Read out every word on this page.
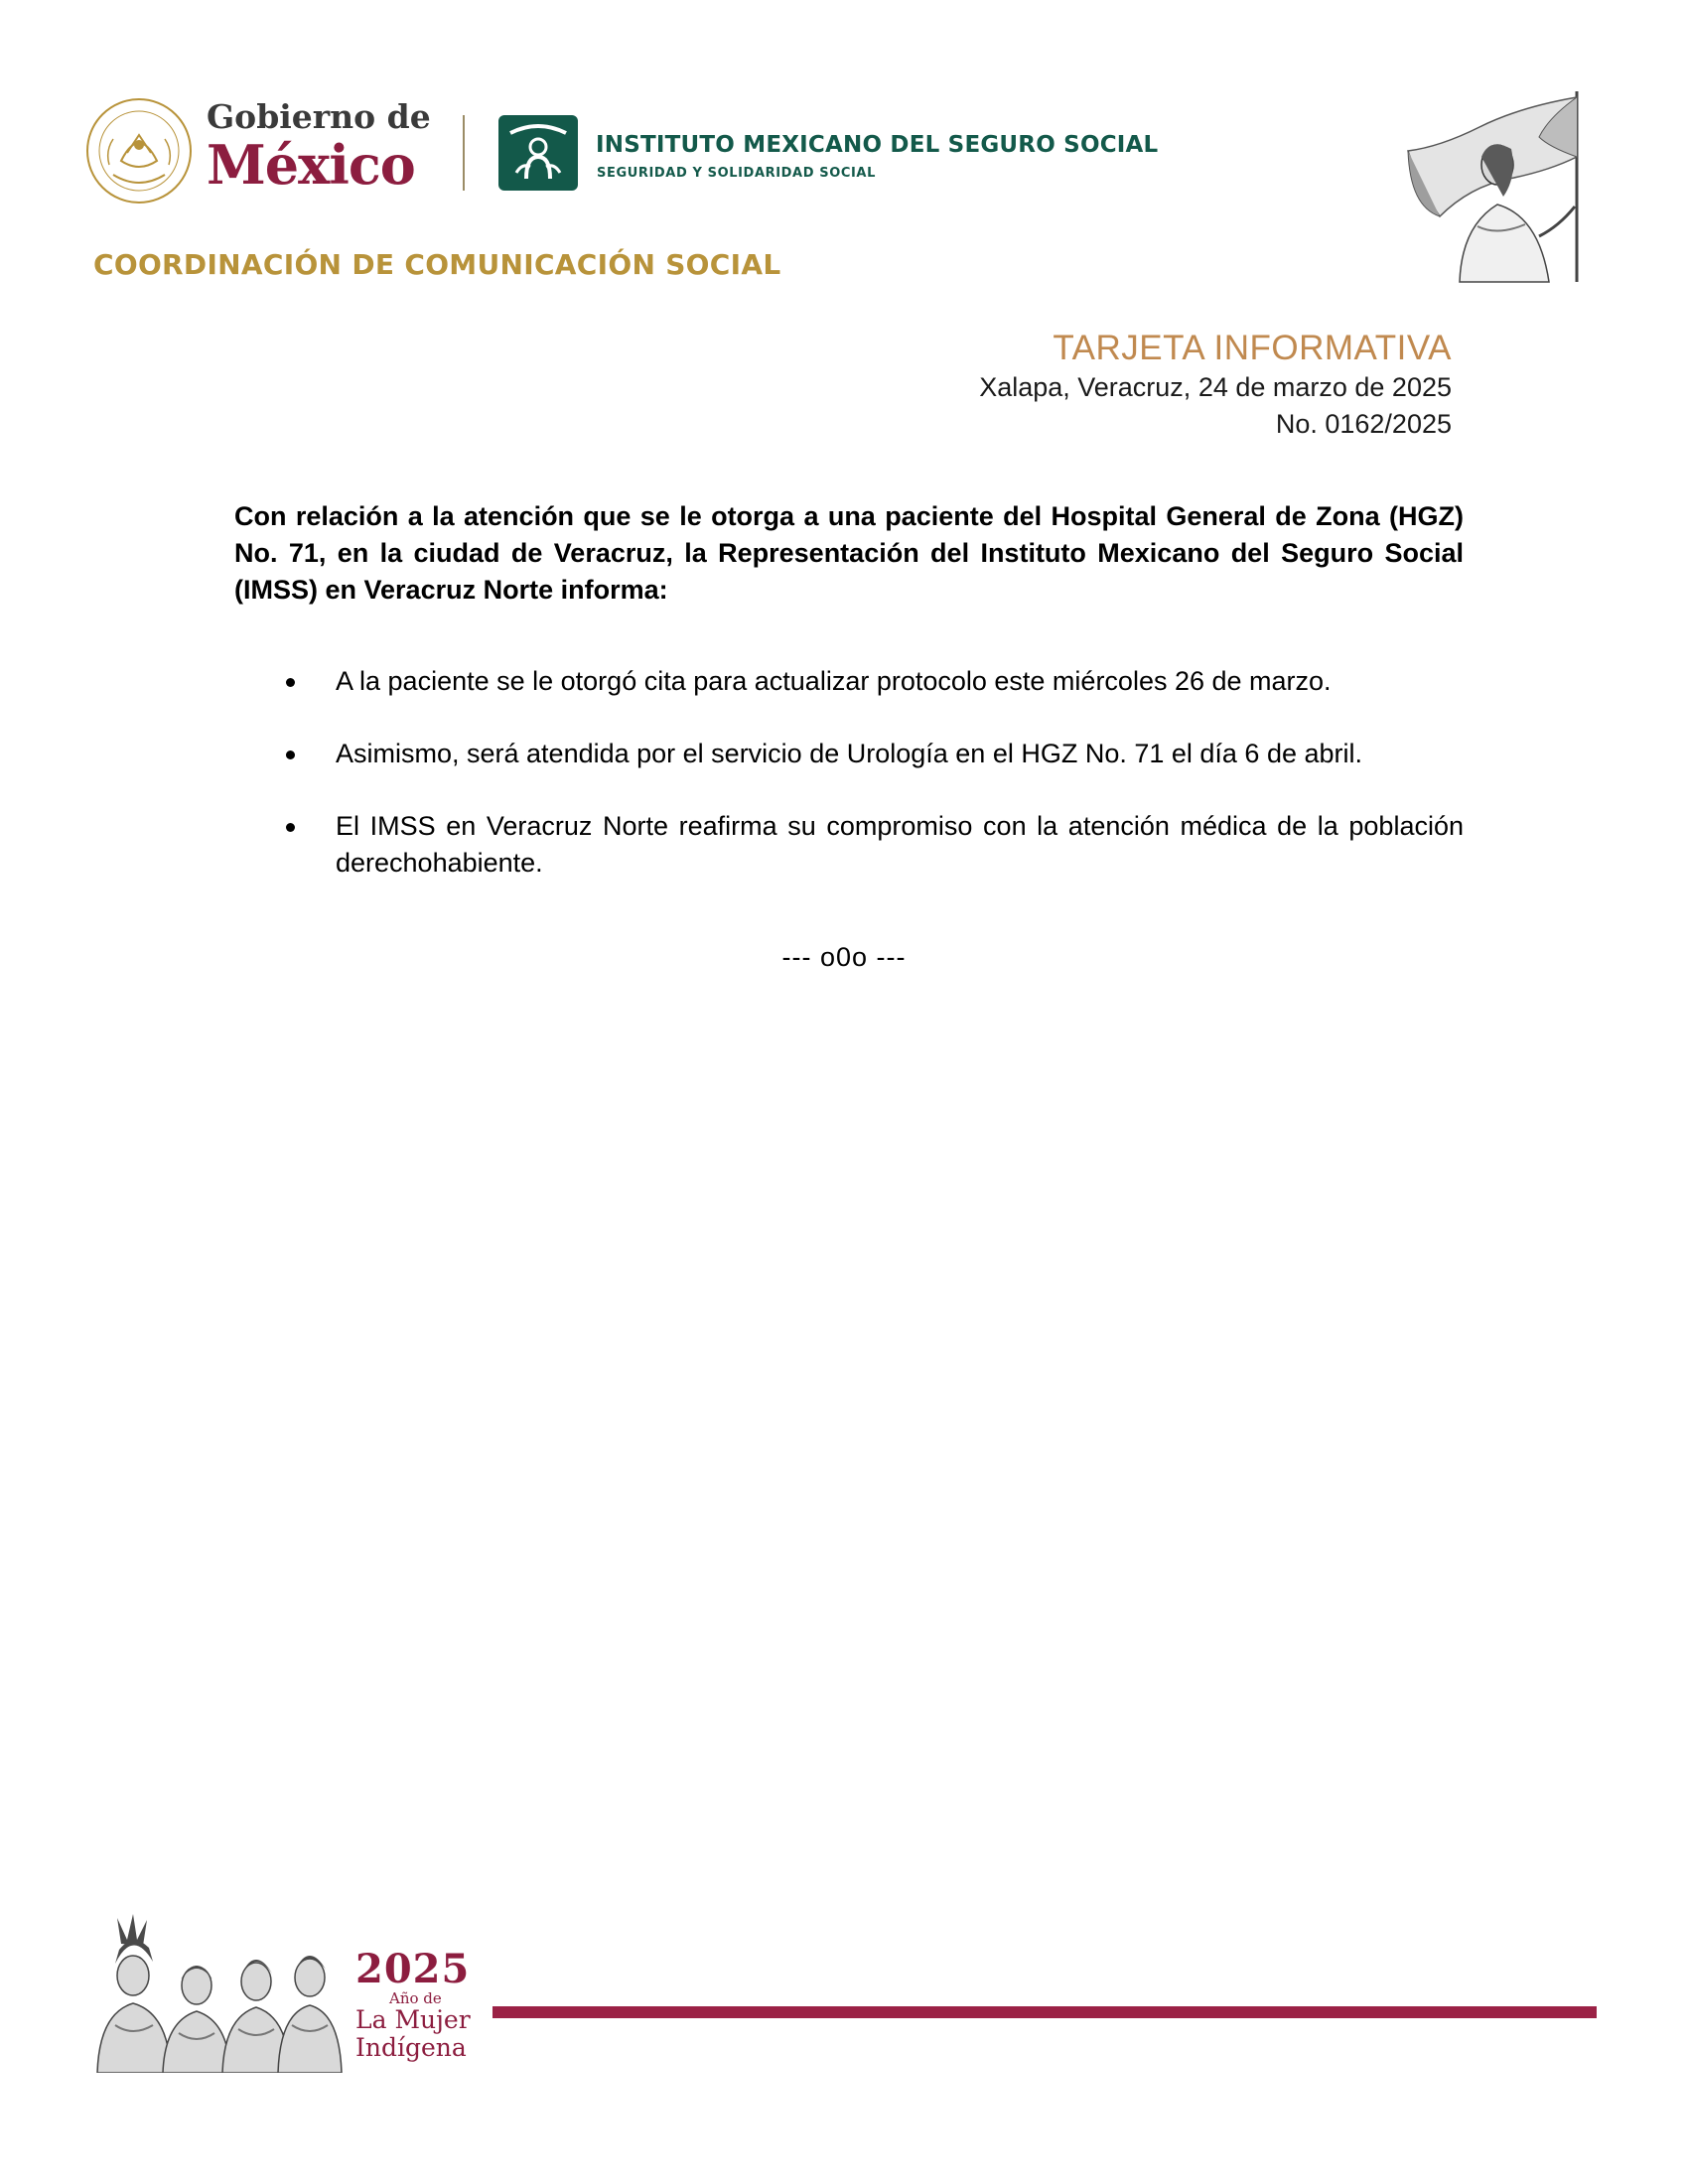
Gobierno de
México	INSTITUTO MEXICANO DEL SEGURO SOCIAL
SEGURIDAD Y SOLIDARIDAD SOCIAL
COORDINACIÓN DE COMUNICACIÓN SOCIAL
TARJETA INFORMATIVA
Xalapa, Veracruz, 24 de marzo de 2025
No. 0162/2025

Con relación a la atención que se le otorga a una paciente del Hospital General de Zona (HGZ) No. 71, en la ciudad de Veracruz, la Representación del Instituto Mexicano del Seguro Social (IMSS) en Veracruz Norte informa:

A la paciente se le otorgó cita para actualizar protocolo este miércoles 26 de marzo.
Asimismo, será atendida por el servicio de Urología en el HGZ No. 71 el día 6 de abril.
El IMSS en Veracruz Norte reafirma su compromiso con la atención médica de la población derechohabiente.
--- o0o ---
2025
Año de
La Mujer
Indígena
